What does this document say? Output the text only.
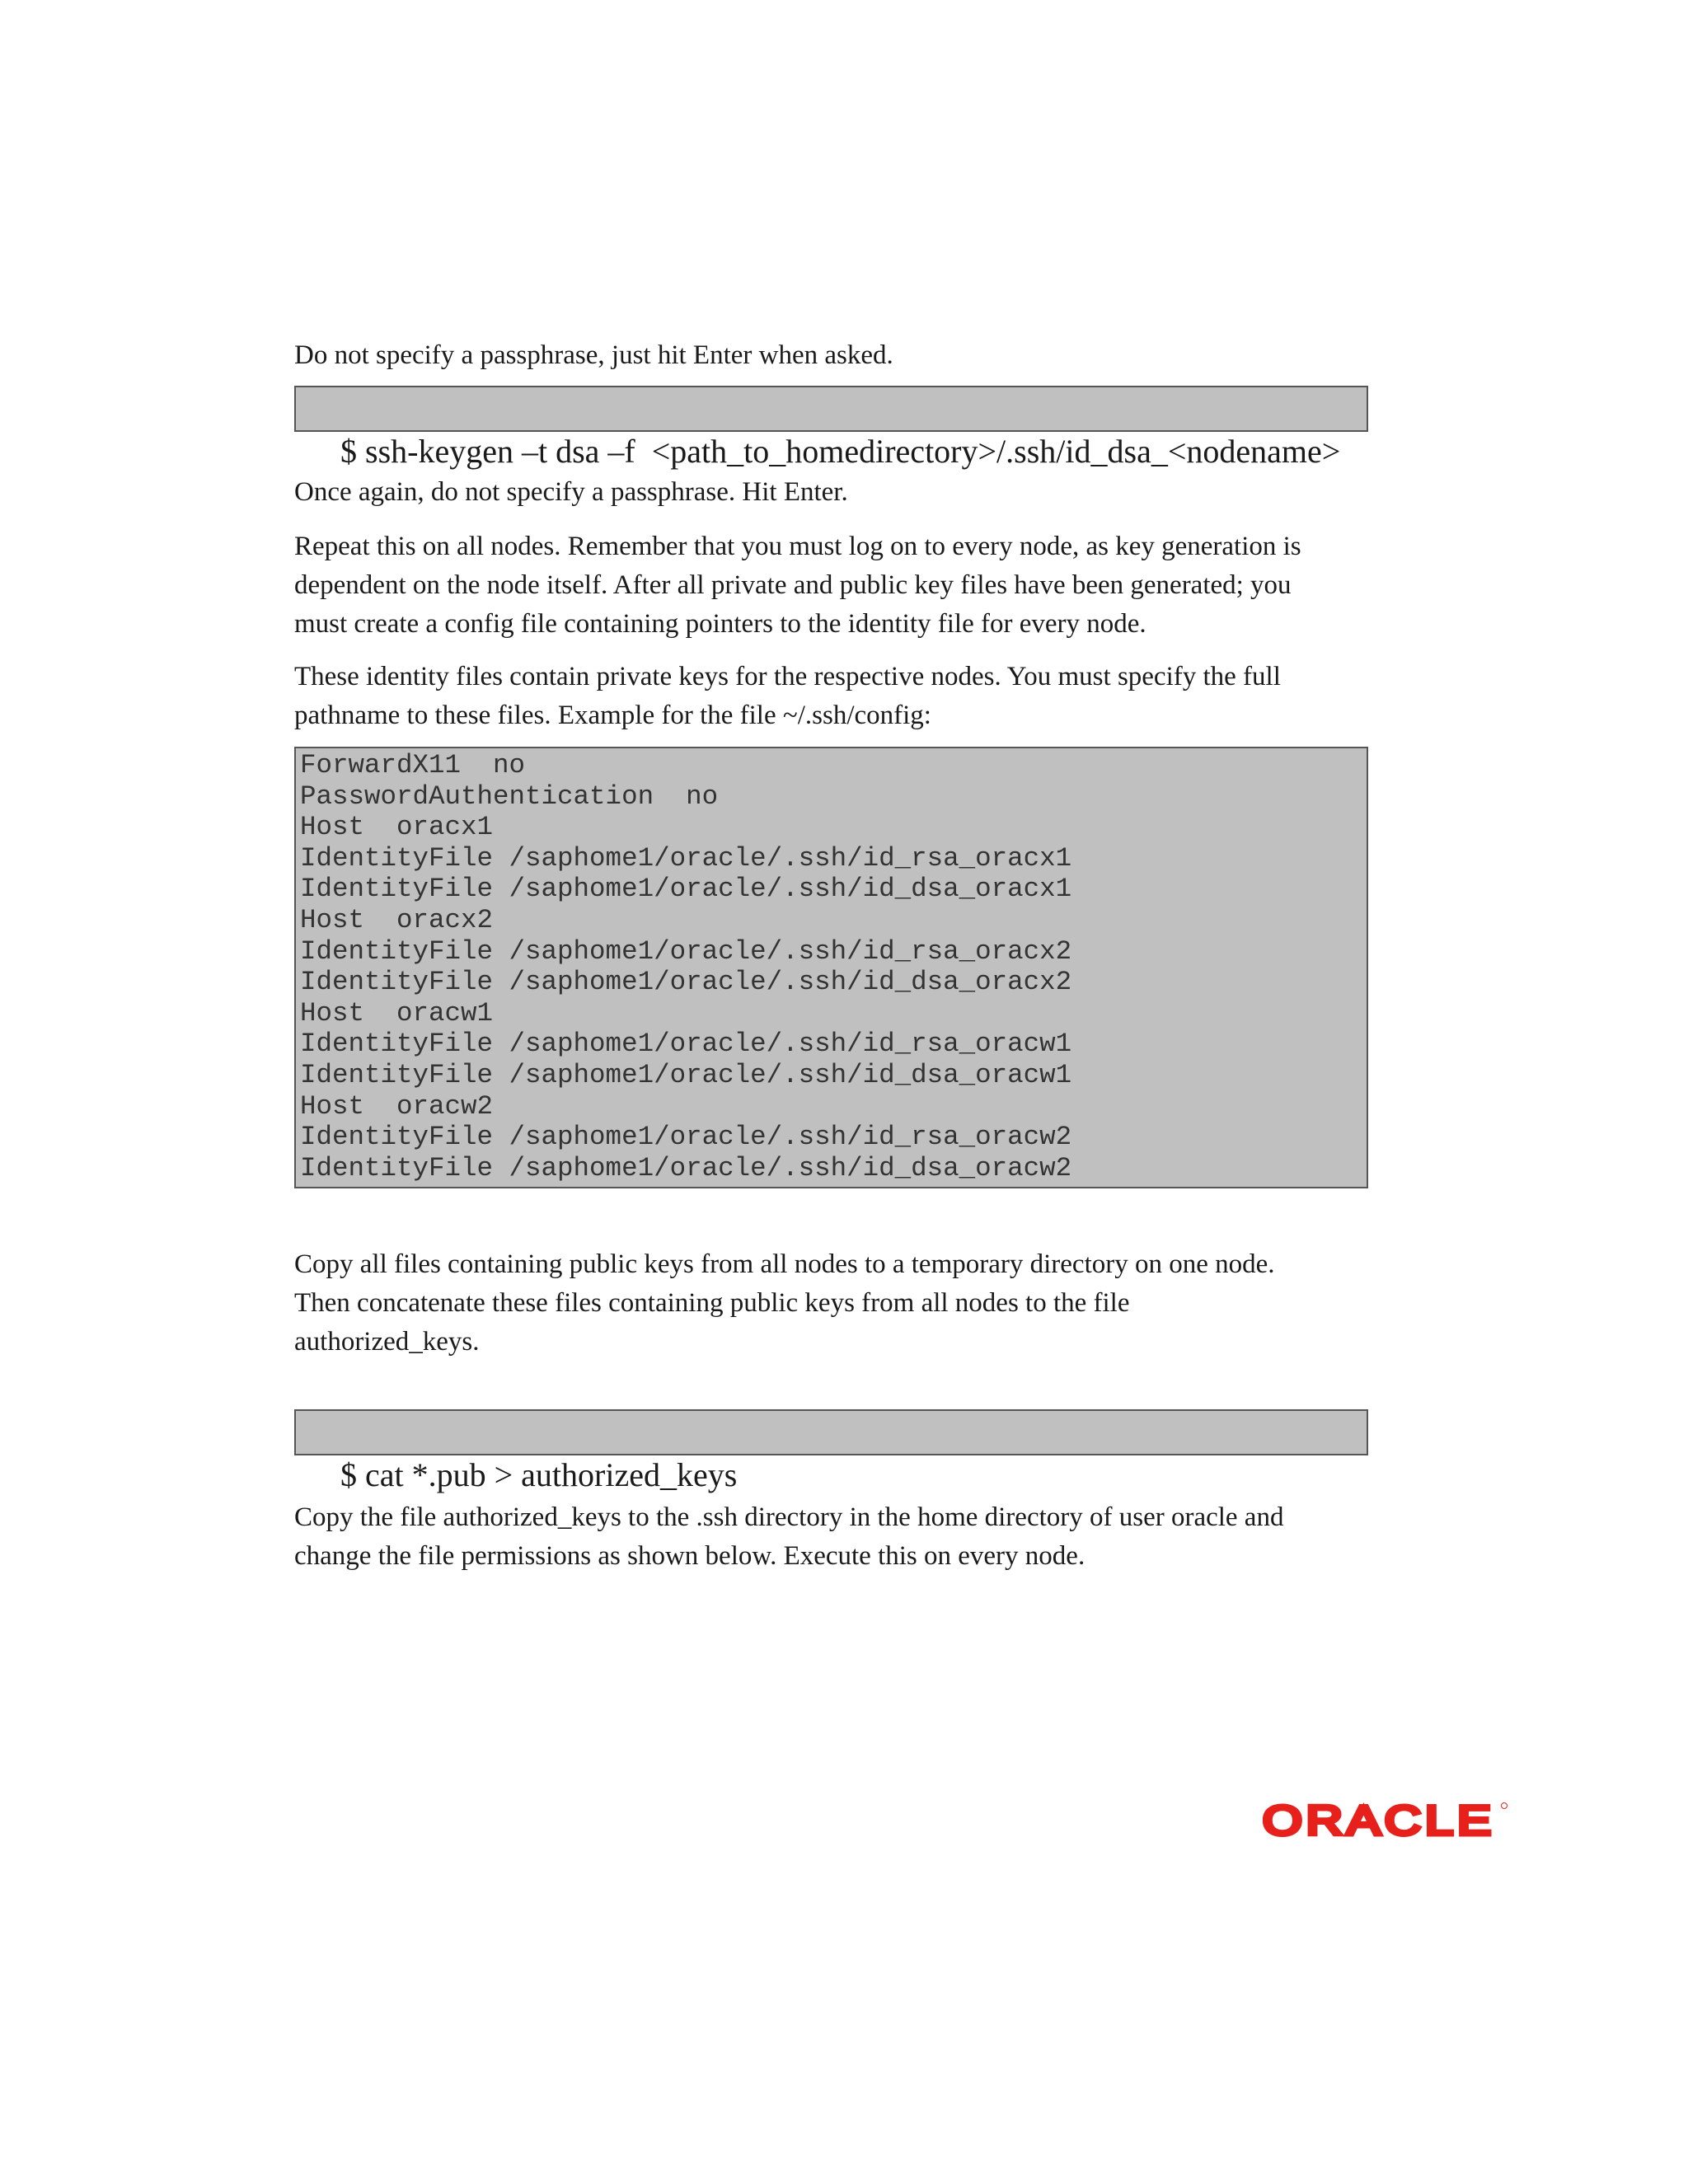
Do not specify a passphrase, just hit Enter when asked.

$ ssh-keygen –t dsa –f  <path_to_homedirectory>/.ssh/id_dsa_<nodename>

Once again, do not specify a passphrase. Hit Enter.

Repeat this on all nodes. Remember that you must log on to every node, as key generation is
dependent on the node itself. After all private and public key files have been generated; you
must create a config file containing pointers to the identity file for every node.

These identity files contain private keys for the respective nodes. You must specify the full
pathname to these files. Example for the file ~/.ssh/config:

ForwardX11  no
PasswordAuthentication  no
Host  oracx1
IdentityFile /saphome1/oracle/.ssh/id_rsa_oracx1
IdentityFile /saphome1/oracle/.ssh/id_dsa_oracx1
Host  oracx2
IdentityFile /saphome1/oracle/.ssh/id_rsa_oracx2
IdentityFile /saphome1/oracle/.ssh/id_dsa_oracx2
Host  oracw1
IdentityFile /saphome1/oracle/.ssh/id_rsa_oracw1
IdentityFile /saphome1/oracle/.ssh/id_dsa_oracw1
Host  oracw2
IdentityFile /saphome1/oracle/.ssh/id_rsa_oracw2
IdentityFile /saphome1/oracle/.ssh/id_dsa_oracw2

Copy all files containing public keys from all nodes to a temporary directory on one node.
Then concatenate these files containing public keys from all nodes to the file
authorized_keys.

$ cat *.pub > authorized_keys

Copy the file authorized_keys to the .ssh directory in the home directory of user oracle and
change the file permissions as shown below. Execute this on every node.

ORACLE
